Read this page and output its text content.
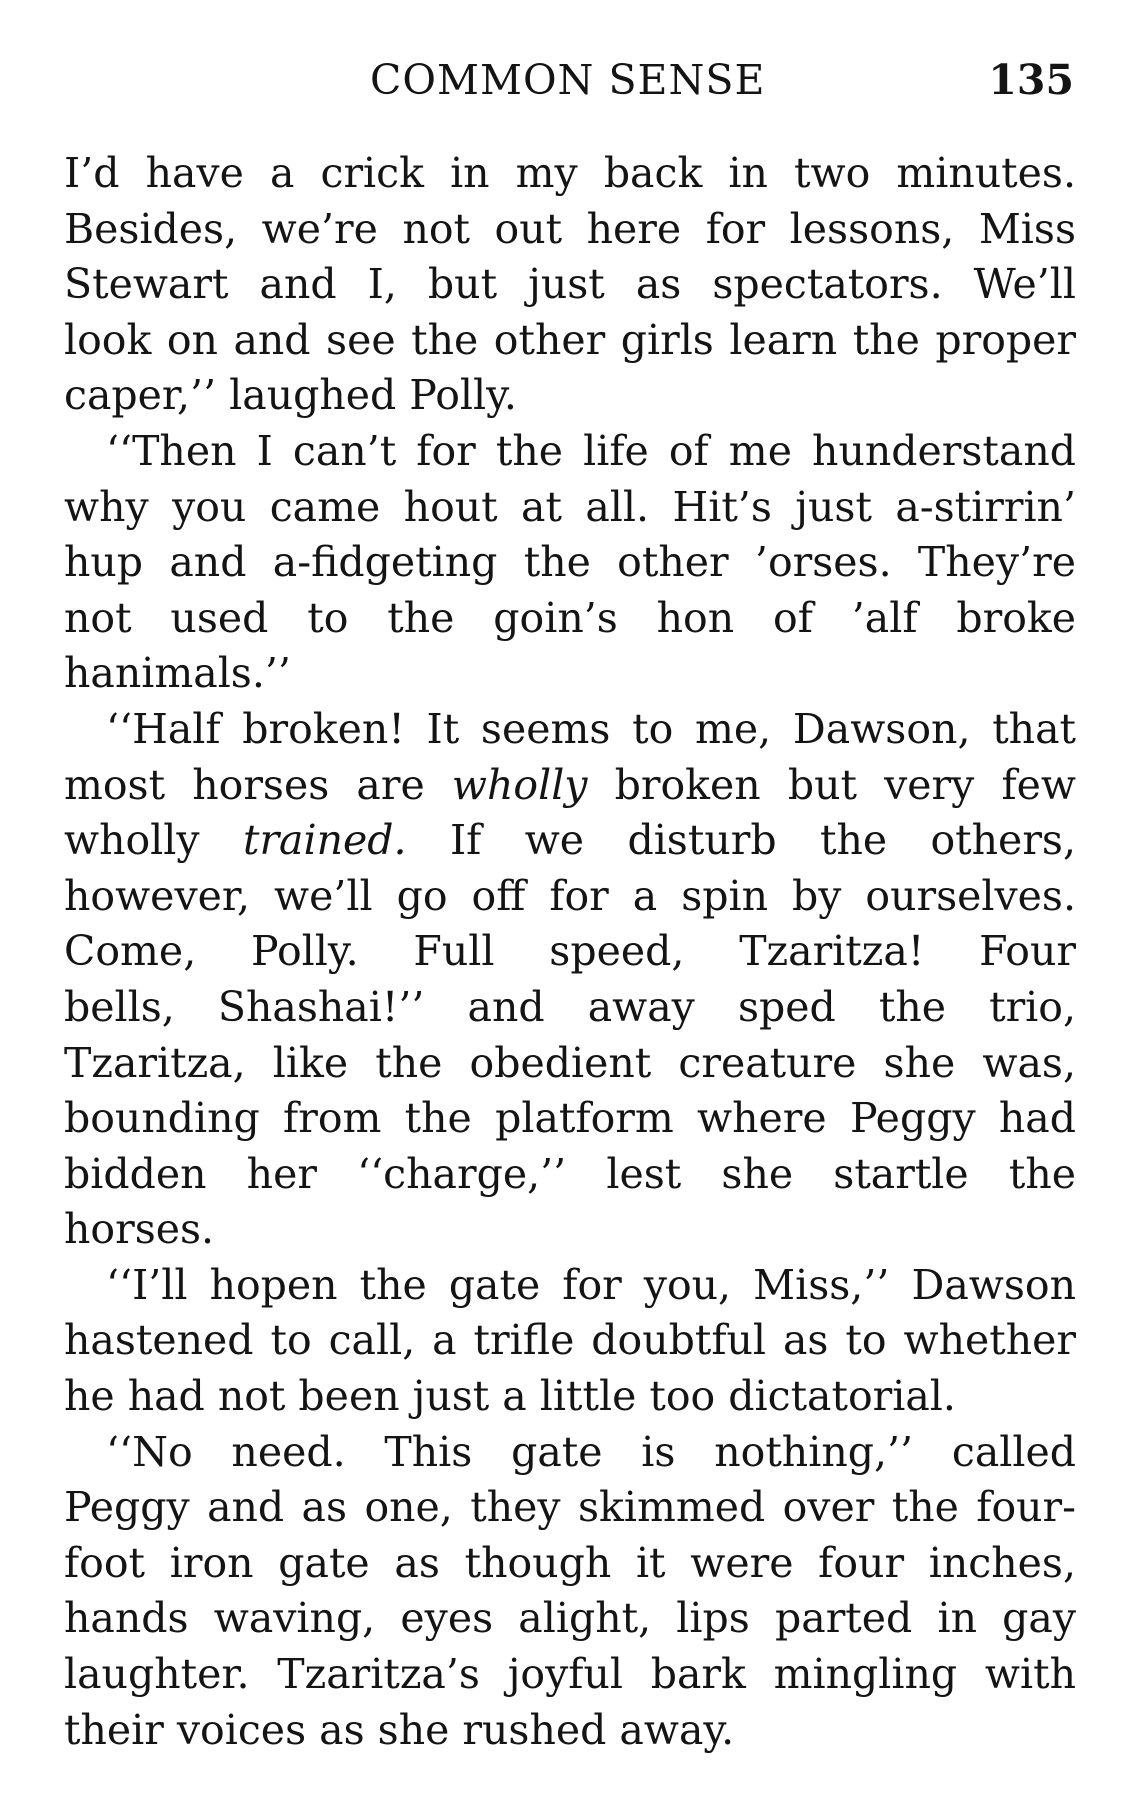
COMMON SENSE	135
I’d have a crick in my back in two minutes.
Besides, we’re not out here for lessons, Miss
Stewart and I, but just as spectators. We’ll
look on and see the other girls learn the proper
caper,’’ laughed Polly.
‘‘Then I can’t for the life of me hunderstand
why you came hout at all. Hit’s just a-stirrin’
hup and a-fidgeting the other ’orses. They’re
not used to the goin’s hon of ’alf broke
hanimals.’’
‘‘Half broken! It seems to me, Dawson, that
most horses are wholly broken but very few
wholly trained. If we disturb the others,
however, we’ll go off for a spin by ourselves.
Come, Polly. Full speed, Tzaritza! Four
bells, Shashai!’’ and away sped the trio,
Tzaritza, like the obedient creature she was,
bounding from the platform where Peggy had
bidden her ‘‘charge,’’ lest she startle the
horses.
‘‘I’ll hopen the gate for you, Miss,’’ Dawson
hastened to call, a trifle doubtful as to whether
he had not been just a little too dictatorial.
‘‘No need. This gate is nothing,’’ called
Peggy and as one, they skimmed over the four-
foot iron gate as though it were four inches,
hands waving, eyes alight, lips parted in gay
laughter. Tzaritza’s joyful bark mingling with
their voices as she rushed away.
